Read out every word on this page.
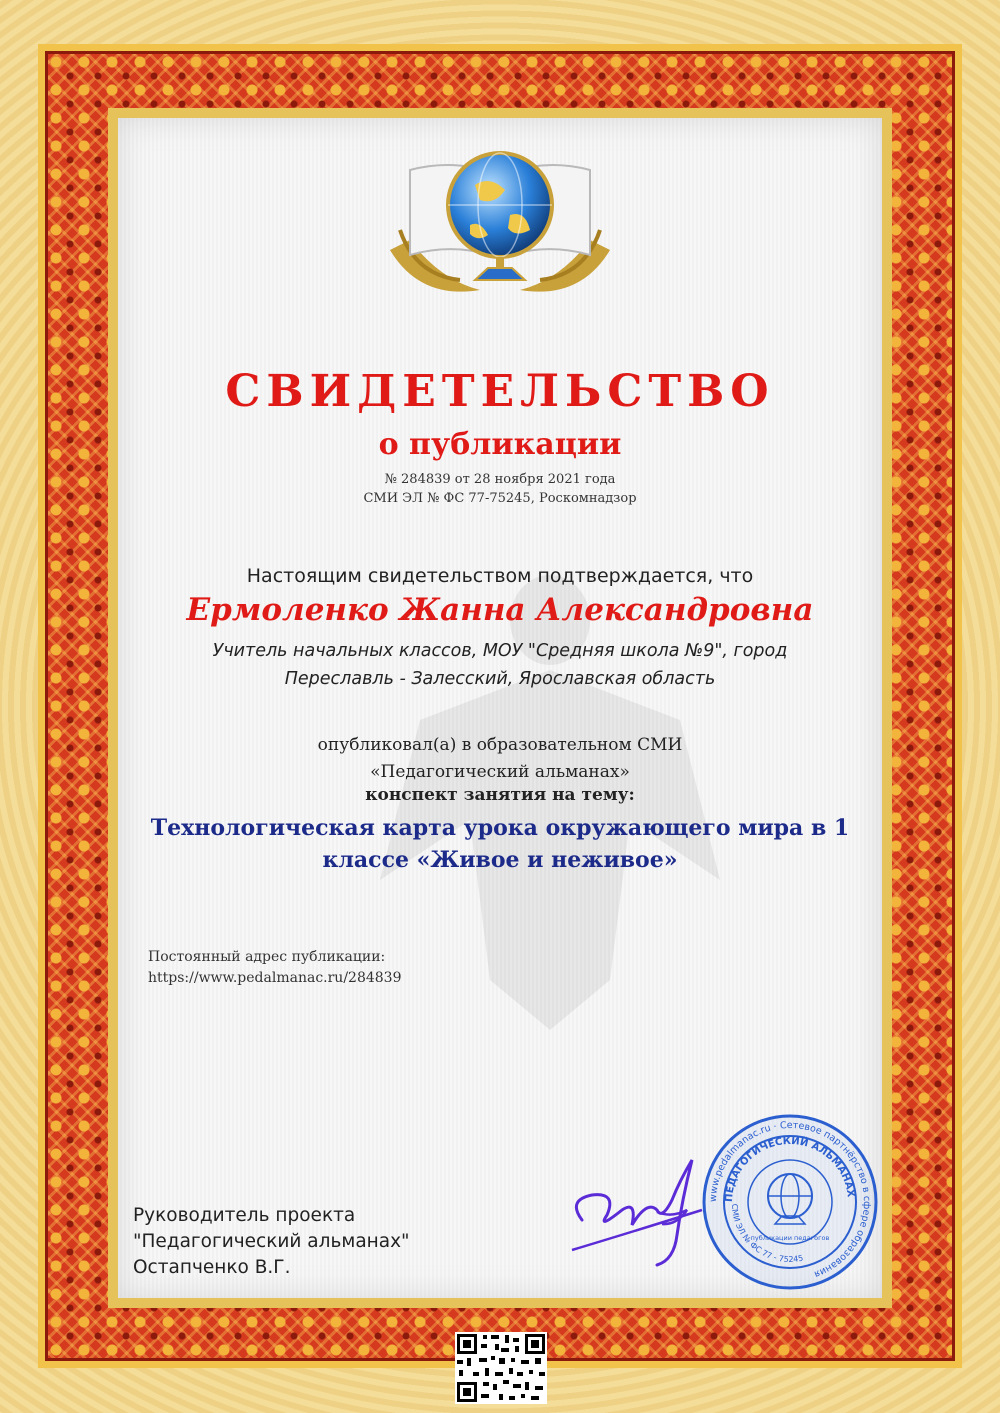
СВИДЕТЕЛЬСТВО

о публикации

№ 284839 от 28 ноября 2021 года

СМИ ЭЛ № ФС 77-75245, Роскомнадзор

Настоящим свидетельством подтверждается, что

Ермоленко Жанна Александровна

Учитель начальных классов, МОУ "Средняя школа №9", город Переславль - Залесский, Ярославская область

опубликовал(а) в образовательном СМИ
«Педагогический альманах»

конспект занятия на тему:

Технологическая карта урока окружающего мира в 1 классе «Живое и неживое»

Постоянный адрес публикации:
https://www.pedalmanac.ru/284839
Руководитель проекта
"Педагогический альманах"
Остапченко В.Г.
www.pedalmanac.ru · Сетевое партнёрство в сфере образования
ПЕДАГОГИЧЕСКИЙ АЛЬМАНАХ
СМИ ЭЛ № ФС 77 - 75245
публикации педагогов
